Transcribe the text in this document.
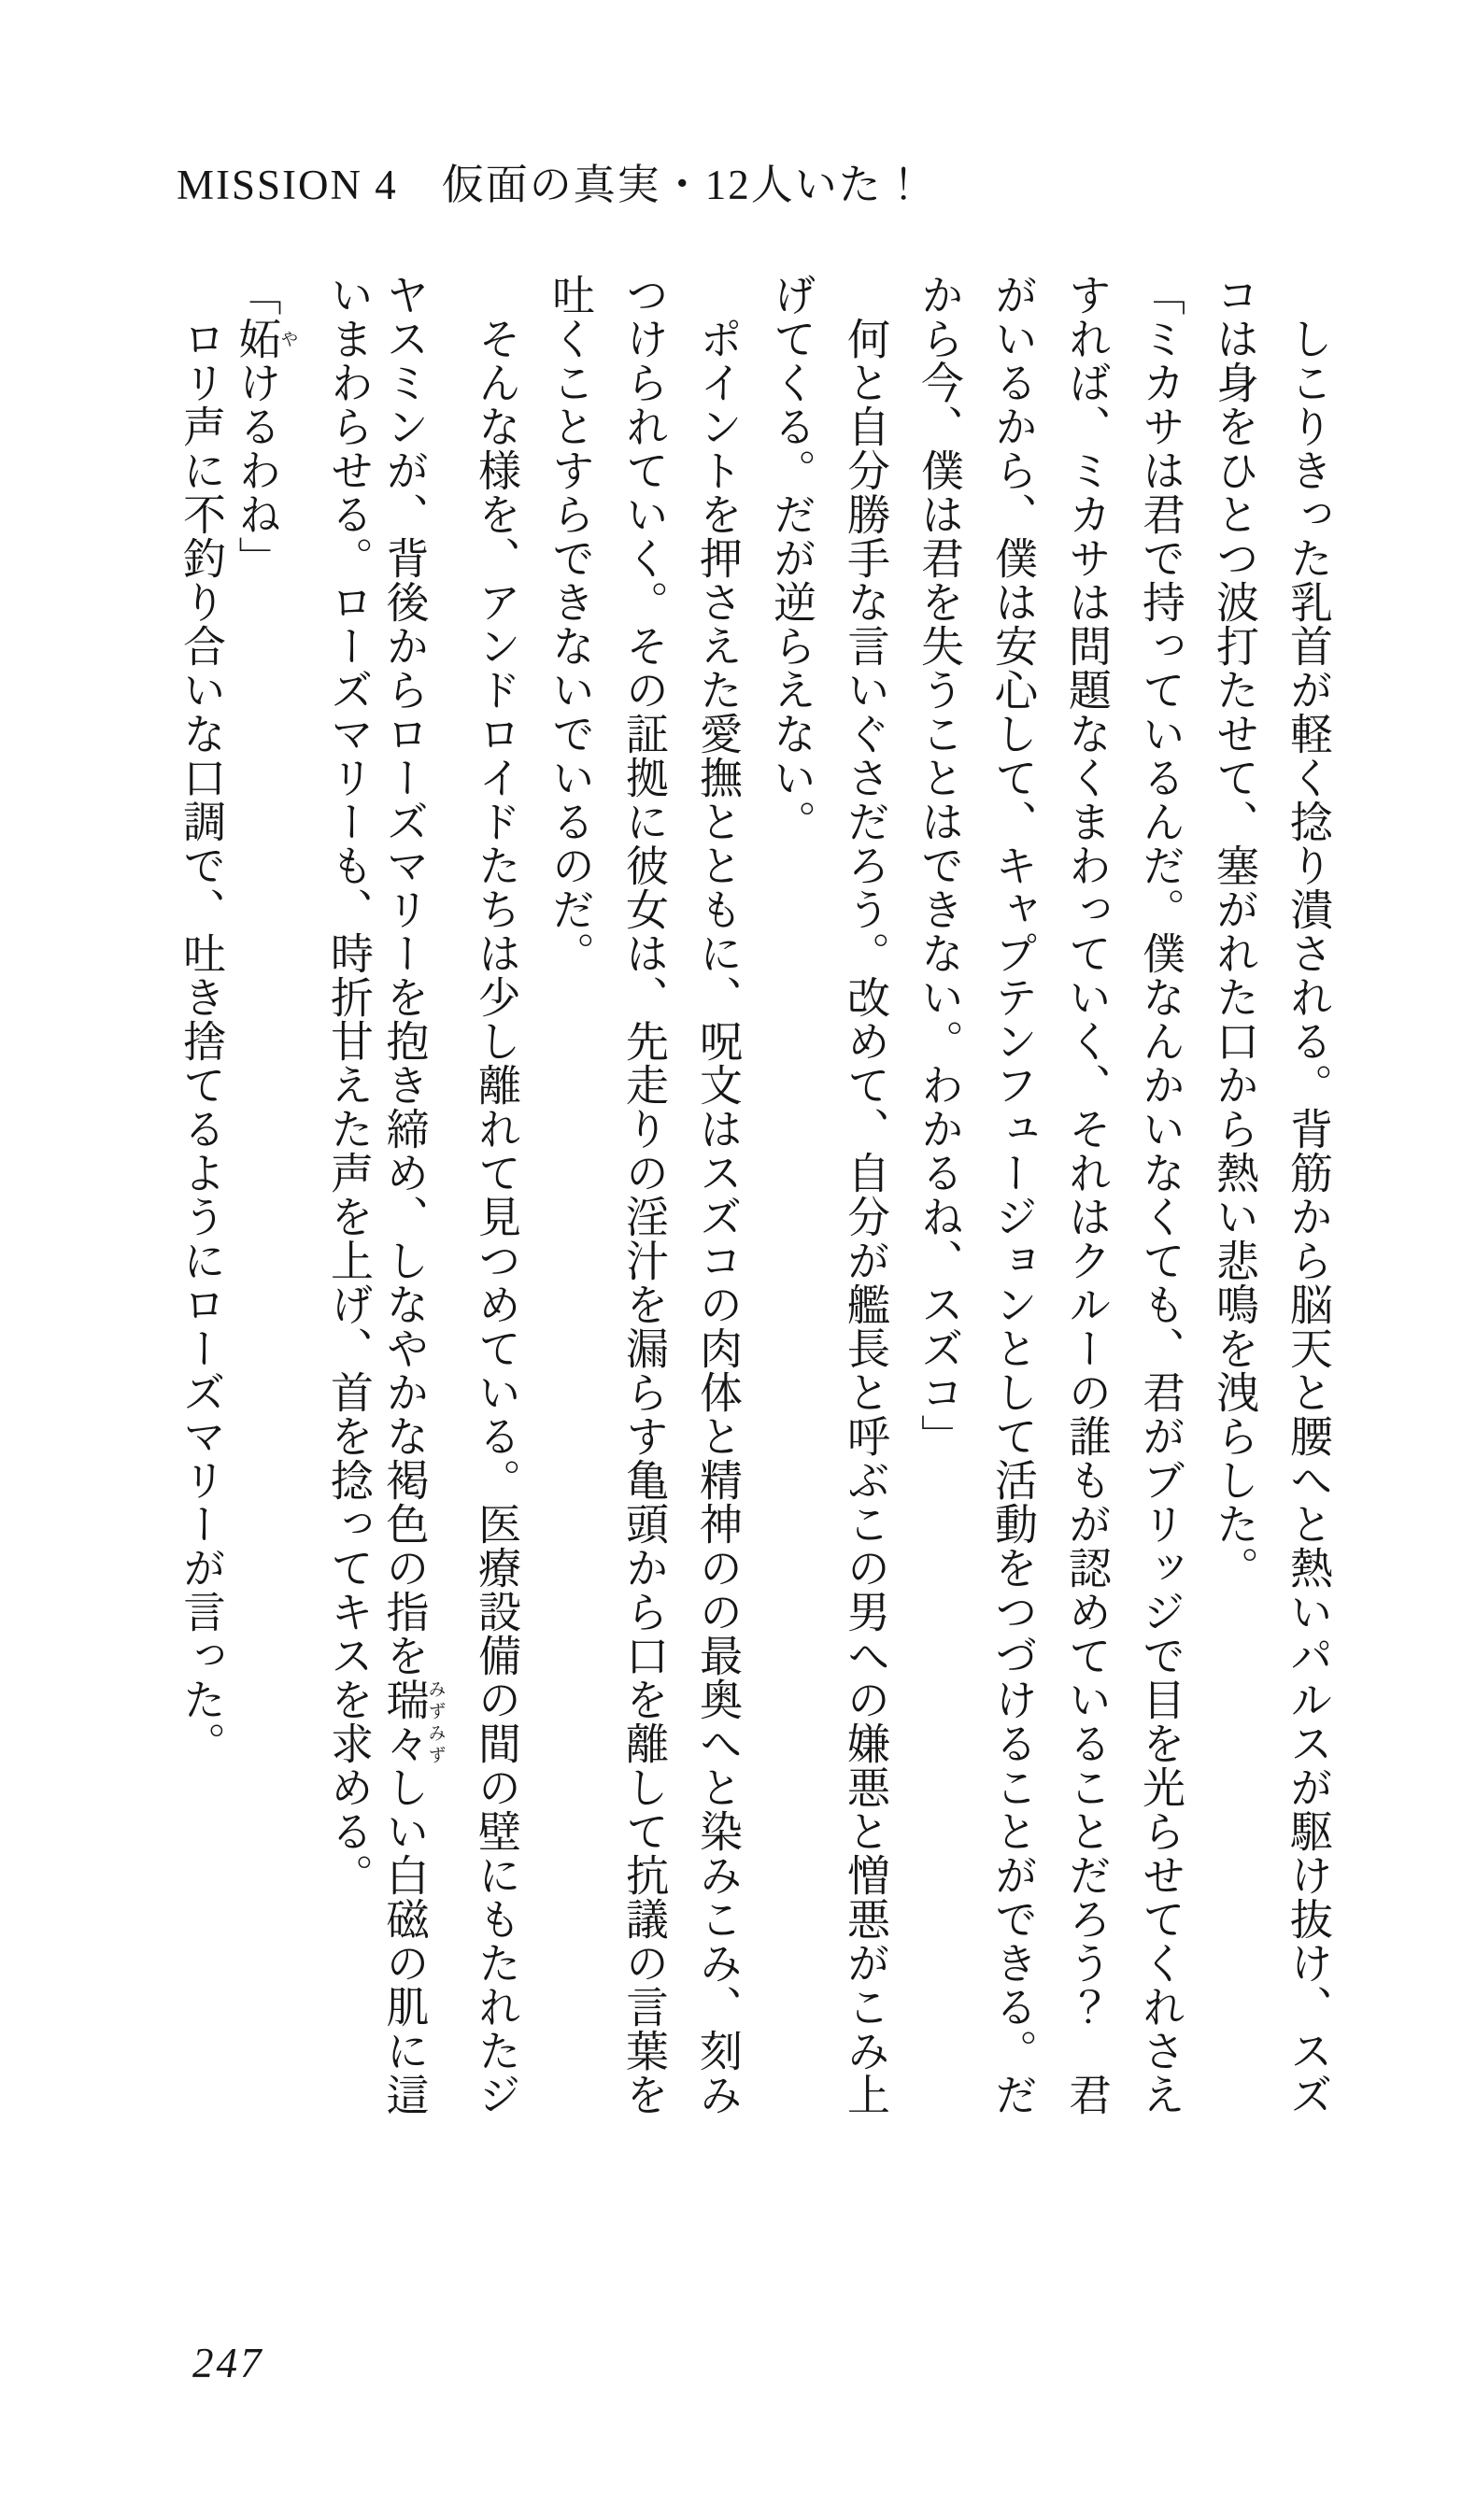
MISSION 4　仮面の真実・12人いた！

　しこりきった乳首が軽く捻り潰される。背筋から脳天と腰へと熱いパルスが駆け抜け、スズ

コは身をひとつ波打たせて、塞がれた口から熱い悲鳴を洩らした。

「ミカサは君で持っているんだ。僕なんかいなくても、君がブリッジで目を光らせてくれさえ

すれば、ミカサは問題なくまわっていく、それはクルーの誰もが認めていることだろう？　君

がいるから、僕は安心して、キャプテンフュージョンとして活動をつづけることができる。だ

から今、僕は君を失うことはできない。わかるね、スズコ」

　何と自分勝手な言いぐさだろう。改めて、自分が艦長と呼ぶこの男への嫌悪と憎悪がこみ上

げてくる。だが逆らえない。

　ポイントを押さえた愛撫とともに、呪文はスズコの肉体と精神のの最奥へと染みこみ、刻み

つけられていく。その証拠に彼女は、先走りの淫汁を漏らす亀頭から口を離して抗議の言葉を

吐くことすらできないでいるのだ。

　そんな様を、アンドロイドたちは少し離れて見つめている。医療設備の間の壁にもたれたジ

ヤスミンが、背後からローズマリーを抱き締め、しなやかな褐色の指を瑞々みずみずしい白磁の肌に這

いまわらせる。ローズマリーも、時折甘えた声を上げ、首を捻ってキスを求める。

「妬やけるわね」

　ロリ声に不釣り合いな口調で、吐き捨てるようにローズマリーが言った。

247
